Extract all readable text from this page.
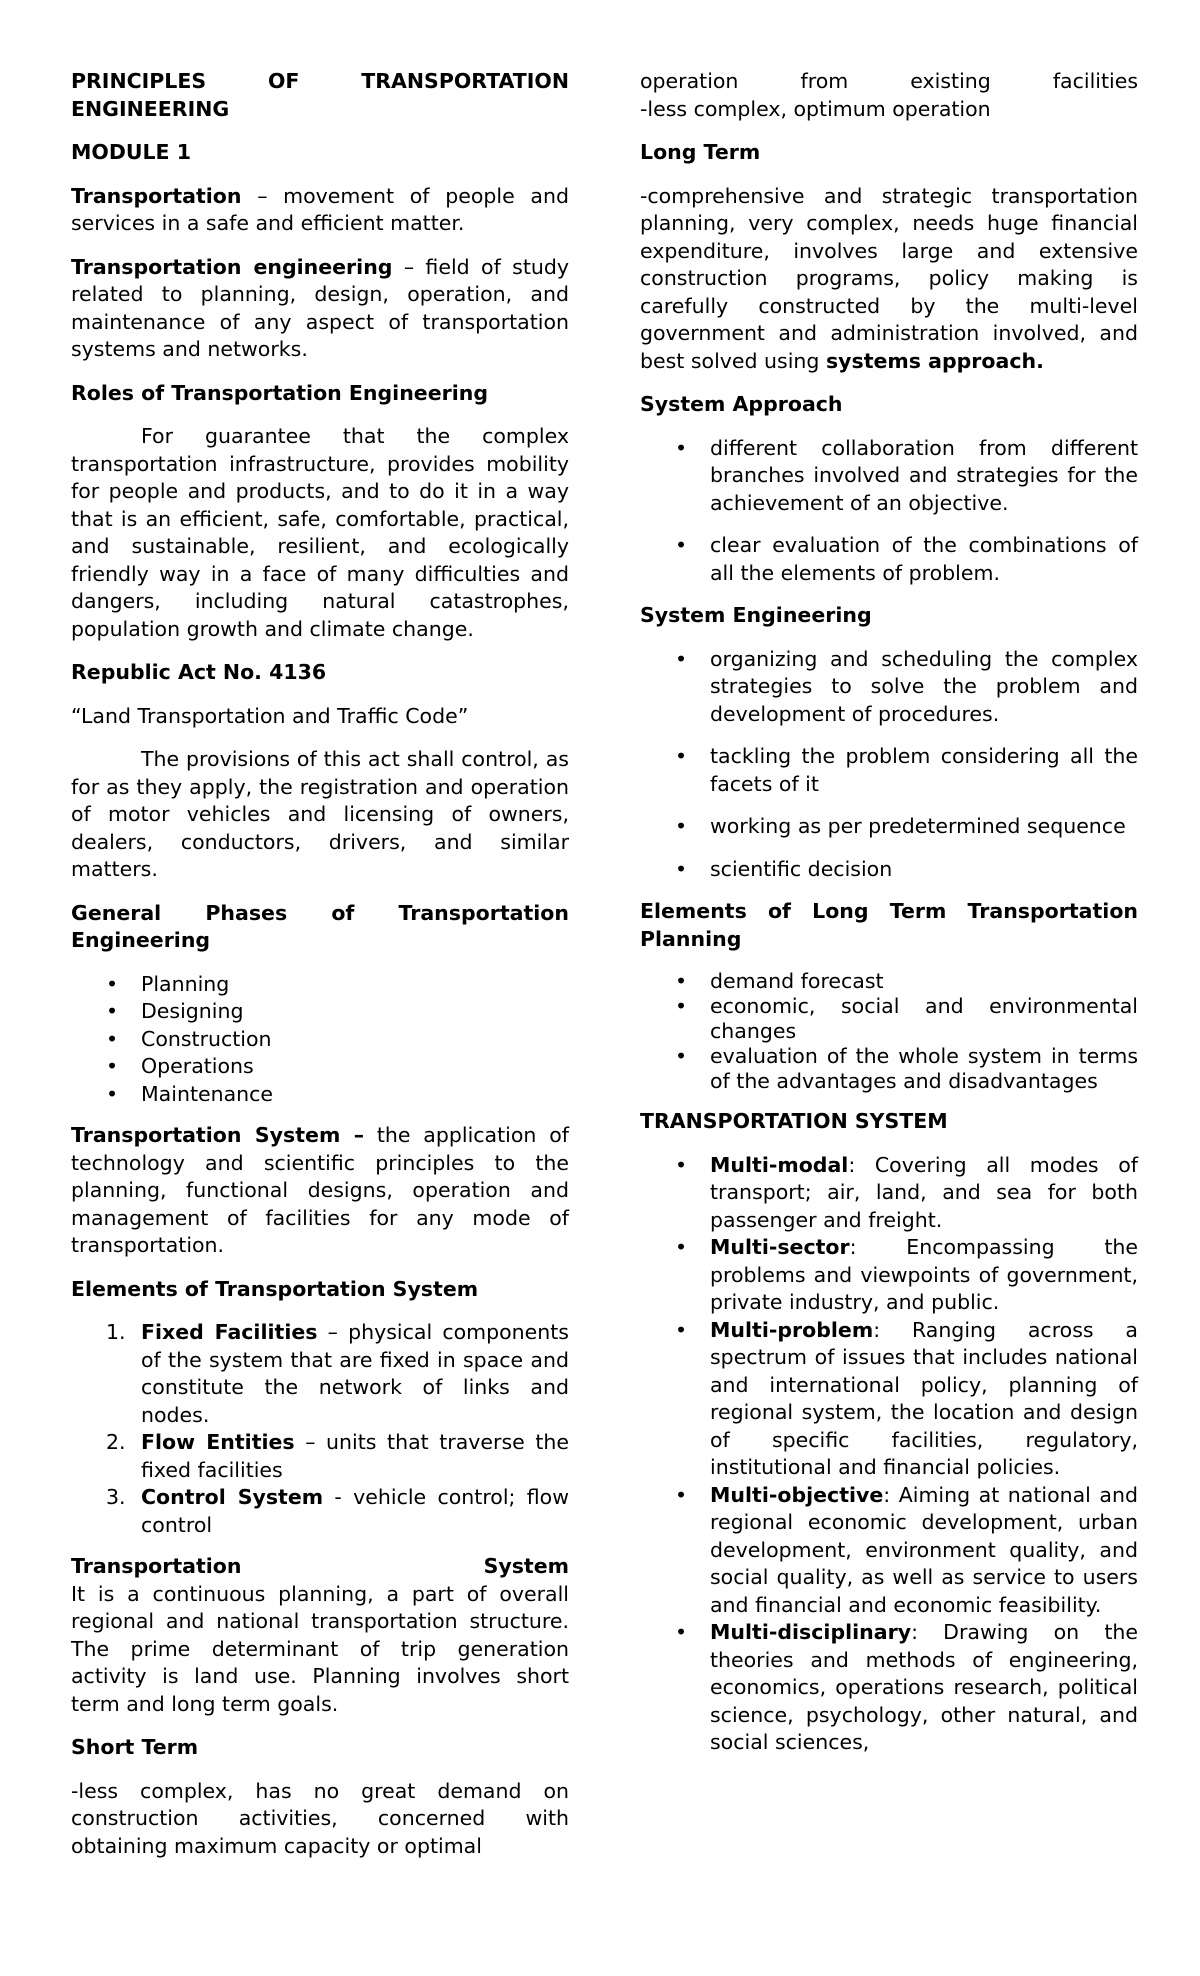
PRINCIPLES OF TRANSPORTATION ENGINEERING
MODULE 1

Transportation – movement of people and services in a safe and efficient matter.

Transportation engineering – field of study related to planning, design, operation, and maintenance of any aspect of transportation systems and networks.

Roles of Transportation Engineering

For guarantee that the complex transportation infrastructure, provides mobility for people and products, and to do it in a way that is an efficient, safe, comfortable, practical, and sustainable, resilient, and ecologically friendly way in a face of many difficulties and dangers, including natural catastrophes, population growth and climate change.

Republic Act No. 4136

“Land Transportation and Traffic Code”

The provisions of this act shall control, as for as they apply, the registration and operation of motor vehicles and licensing of owners, dealers, conductors, drivers, and similar matters.

General Phases of Transportation Engineering
• Planning
• Designing
• Construction
• Operations
• Maintenance

Transportation System – the application of technology and scientific principles to the planning, functional designs, operation and management of facilities for any mode of transportation.

Elements of Transportation System
1. Fixed Facilities – physical components of the system that are fixed in space and constitute the network of links and nodes.
2. Flow Entities – units that traverse the fixed facilities
3. Control System - vehicle control; flow control
Transportation	System

It is a continuous planning, a part of overall regional and national transportation structure. The prime determinant of trip generation activity is land use. Planning involves short term and long term goals.

Short Term

-less complex, has no great demand on construction activities, concerned with obtaining maximum capacity or optimal

operation from existing facilities

-less complex, optimum operation

Long Term

-comprehensive and strategic transportation planning, very complex, needs huge financial expenditure, involves large and extensive construction programs, policy making is carefully constructed by the multi-level government and administration involved, and best solved using systems approach.

System Approach
• different collaboration from different branches involved and strategies for the achievement of an objective.
• clear evaluation of the combinations of all the elements of problem.
System Engineering
• organizing and scheduling the complex strategies to solve the problem and development of procedures.
• tackling the problem considering all the facets of it
• working as per predetermined sequence
• scientific decision
Elements of Long Term Transportation Planning
• demand forecast
• economic, social and environmental changes
• evaluation of the whole system in terms of the advantages and disadvantages
TRANSPORTATION SYSTEM
• Multi-modal: Covering all modes of transport; air, land, and sea for both passenger and freight.
• Multi-sector: Encompassing the problems and viewpoints of government, private industry, and public.
• Multi-problem: Ranging across a spectrum of issues that includes national and international policy, planning of regional system, the location and design of specific facilities, regulatory, institutional and financial policies.
• Multi-objective: Aiming at national and regional economic development, urban development, environment quality, and social quality, as well as service to users and financial and economic feasibility.
• Multi-disciplinary: Drawing on the theories and methods of engineering, economics, operations research, political science, psychology, other natural, and social sciences,
